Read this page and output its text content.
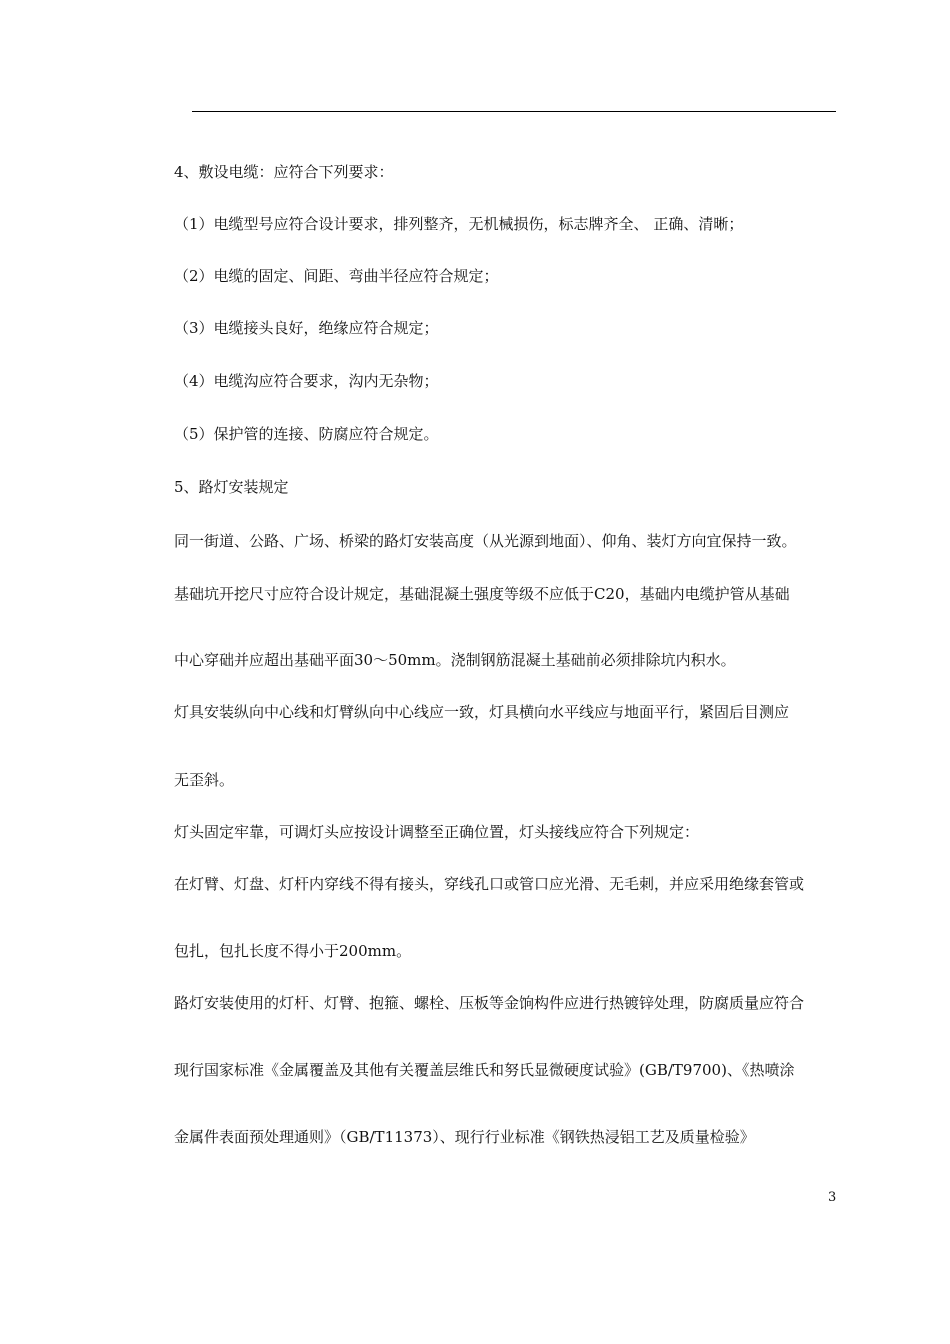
4、敷设电缆：应符合下列要求：

（1）电缆型号应符合设计要求，排列整齐，无机械损伤，标志牌齐全、 正确、清晰；

（2）电缆的固定、间距、弯曲半径应符合规定；

（3）电缆接头良好，绝缘应符合规定；

（4）电缆沟应符合要求，沟内无杂物；

（5）保护管的连接、防腐应符合规定。

5、路灯安装规定

同一街道、公路、广场、桥梁的路灯安装高度（从光源到地面）、仰角、装灯方向宜保持一致。

基础坑开挖尺寸应符合设计规定，基础混凝土强度等级不应低于C20，基础内电缆护管从基础

中心穿础并应超出基础平面30～50mm。浇制钢筋混凝土基础前必须排除坑内积水。

灯具安装纵向中心线和灯臂纵向中心线应一致，灯具横向水平线应与地面平行，紧固后目测应

无歪斜。

灯头固定牢靠，可调灯头应按设计调整至正确位置，灯头接线应符合下列规定：

在灯臂、灯盘、灯杆内穿线不得有接头，穿线孔口或管口应光滑、无毛刺，并应采用绝缘套管或

包扎，包扎长度不得小于200mm。

路灯安装使用的灯杆、灯臂、抱箍、螺栓、压板等金饷构件应进行热镀锌处理，防腐质量应符合

现行国家标准《金属覆盖及其他有关覆盖层维氏和努氏显微硬度试验》(GB/T9700)、《热喷涂

金属件表面预处理通则》（GB/T11373）、现行行业标准《钢铁热浸铝工艺及质量检验》

3
